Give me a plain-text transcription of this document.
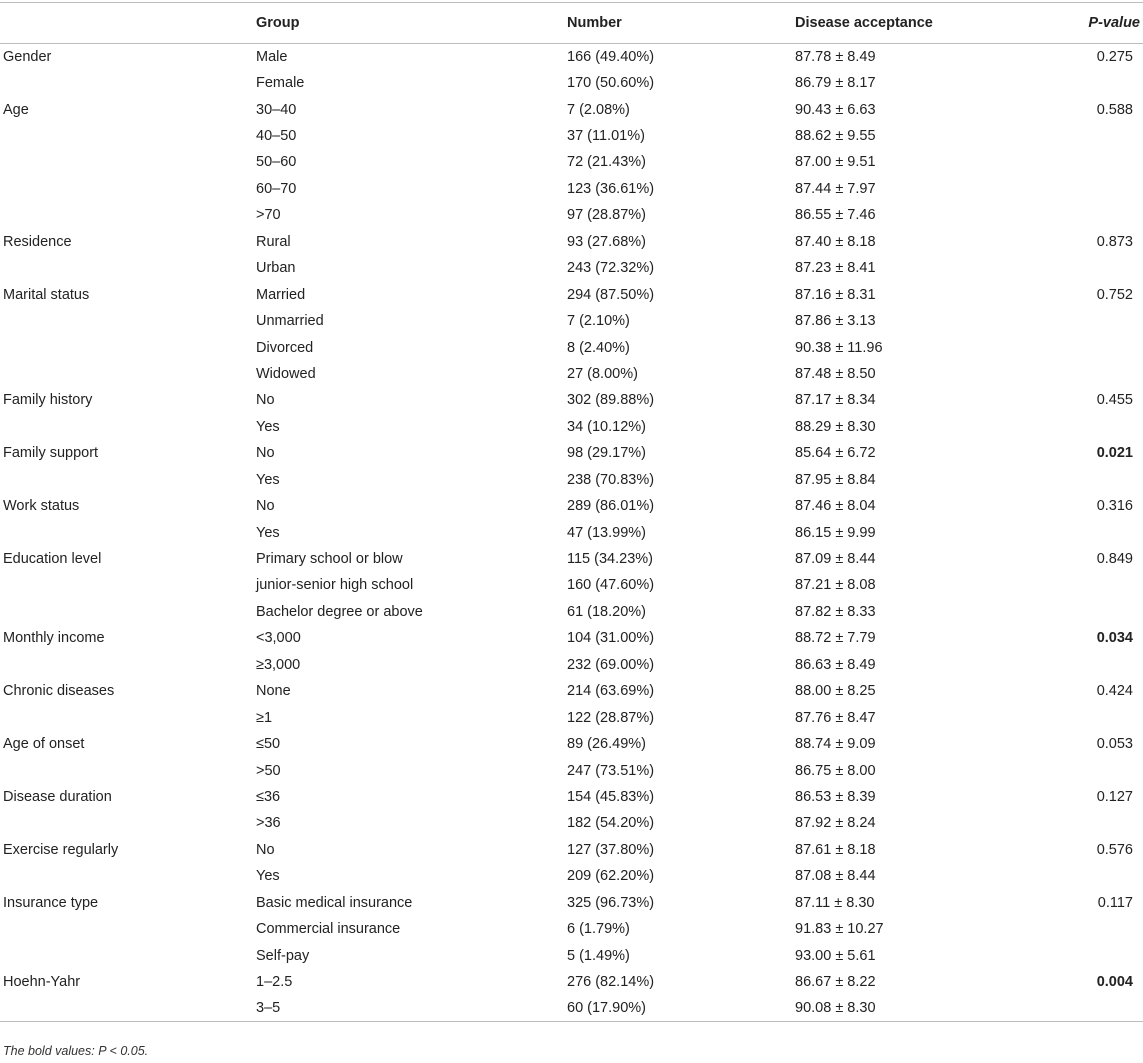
	Group	Number	Disease acceptance	P-value
Gender	Male	166 (49.40%)	87.78 ± 8.49	0.275
	Female	170 (50.60%)	86.79 ± 8.17	
Age	30–40	7 (2.08%)	90.43 ± 6.63	0.588
	40–50	37 (11.01%)	88.62 ± 9.55	
	50–60	72 (21.43%)	87.00 ± 9.51	
	60–70	123 (36.61%)	87.44 ± 7.97	
	>70	97 (28.87%)	86.55 ± 7.46	
Residence	Rural	93 (27.68%)	87.40 ± 8.18	0.873
	Urban	243 (72.32%)	87.23 ± 8.41	
Marital status	Married	294 (87.50%)	87.16 ± 8.31	0.752
	Unmarried	7 (2.10%)	87.86 ± 3.13	
	Divorced	8 (2.40%)	90.38 ± 11.96	
	Widowed	27 (8.00%)	87.48 ± 8.50	
Family history	No	302 (89.88%)	87.17 ± 8.34	0.455
	Yes	34 (10.12%)	88.29 ± 8.30	
Family support	No	98 (29.17%)	85.64 ± 6.72	0.021
	Yes	238 (70.83%)	87.95 ± 8.84	
Work status	No	289 (86.01%)	87.46 ± 8.04	0.316
	Yes	47 (13.99%)	86.15 ± 9.99	
Education level	Primary school or blow	115 (34.23%)	87.09 ± 8.44	0.849
	junior-senior high school	160 (47.60%)	87.21 ± 8.08	
	Bachelor degree or above	61 (18.20%)	87.82 ± 8.33	
Monthly income	<3,000	104 (31.00%)	88.72 ± 7.79	0.034
	≥3,000	232 (69.00%)	86.63 ± 8.49	
Chronic diseases	None	214 (63.69%)	88.00 ± 8.25	0.424
	≥1	122 (28.87%)	87.76 ± 8.47	
Age of onset	≤50	89 (26.49%)	88.74 ± 9.09	0.053
	>50	247 (73.51%)	86.75 ± 8.00	
Disease duration	≤36	154 (45.83%)	86.53 ± 8.39	0.127
	>36	182 (54.20%)	87.92 ± 8.24	
Exercise regularly	No	127 (37.80%)	87.61 ± 8.18	0.576
	Yes	209 (62.20%)	87.08 ± 8.44	
Insurance type	Basic medical insurance	325 (96.73%)	87.11 ± 8.30	0.117
	Commercial insurance	6 (1.79%)	91.83 ± 10.27	
	Self-pay	5 (1.49%)	93.00 ± 5.61	
Hoehn-Yahr	1–2.5	276 (82.14%)	86.67 ± 8.22	0.004
	3–5	60 (17.90%)	90.08 ± 8.30	
The bold values: P < 0.05.
